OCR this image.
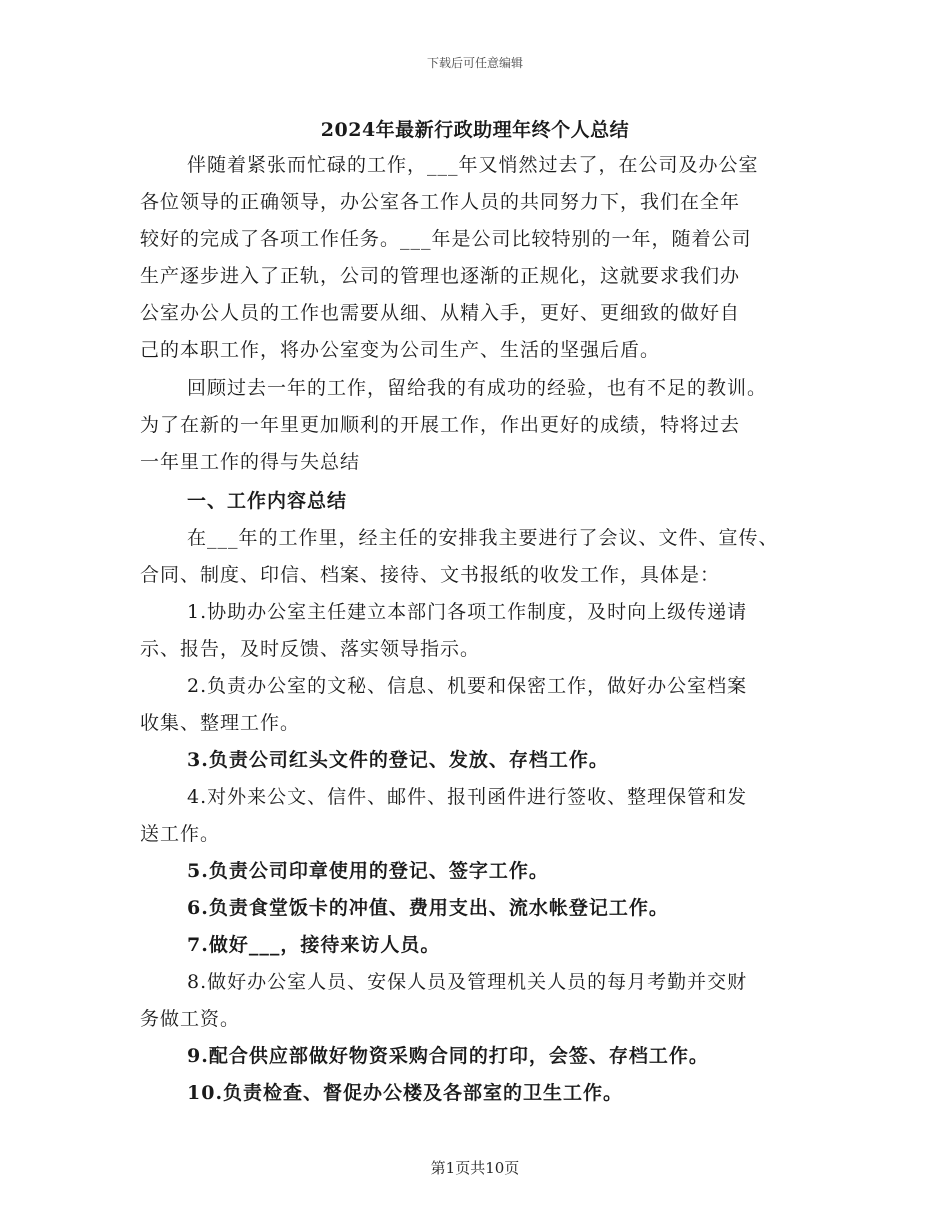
下载后可任意编辑
2024年最新行政助理年终个人总结
伴随着紧张而忙碌的工作，___年又悄然过去了，在公司及办公室
各位领导的正确领导，办公室各工作人员的共同努力下，我们在全年
较好的完成了各项工作任务。___年是公司比较特别的一年，随着公司
生产逐步进入了正轨，公司的管理也逐渐的正规化，这就要求我们办
公室办公人员的工作也需要从细、从精入手，更好、更细致的做好自
己的本职工作，将办公室变为公司生产、生活的坚强后盾。
回顾过去一年的工作，留给我的有成功的经验，也有不足的教训。
为了在新的一年里更加顺利的开展工作，作出更好的成绩，特将过去
一年里工作的得与失总结
一、工作内容总结
在___年的工作里，经主任的安排我主要进行了会议、文件、宣传、
合同、制度、印信、档案、接待、文书报纸的收发工作，具体是：
1.协助办公室主任建立本部门各项工作制度，及时向上级传递请
示、报告，及时反馈、落实领导指示。
2.负责办公室的文秘、信息、机要和保密工作，做好办公室档案
收集、整理工作。
3.负责公司红头文件的登记、发放、存档工作。
4.对外来公文、信件、邮件、报刊函件进行签收、整理保管和发
送工作。
5.负责公司印章使用的登记、签字工作。
6.负责食堂饭卡的冲值、费用支出、流水帐登记工作。
7.做好___，接待来访人员。
8.做好办公室人员、安保人员及管理机关人员的每月考勤并交财
务做工资。
9.配合供应部做好物资采购合同的打印，会签、存档工作。
10.负责检查、督促办公楼及各部室的卫生工作。
第1页共10页
